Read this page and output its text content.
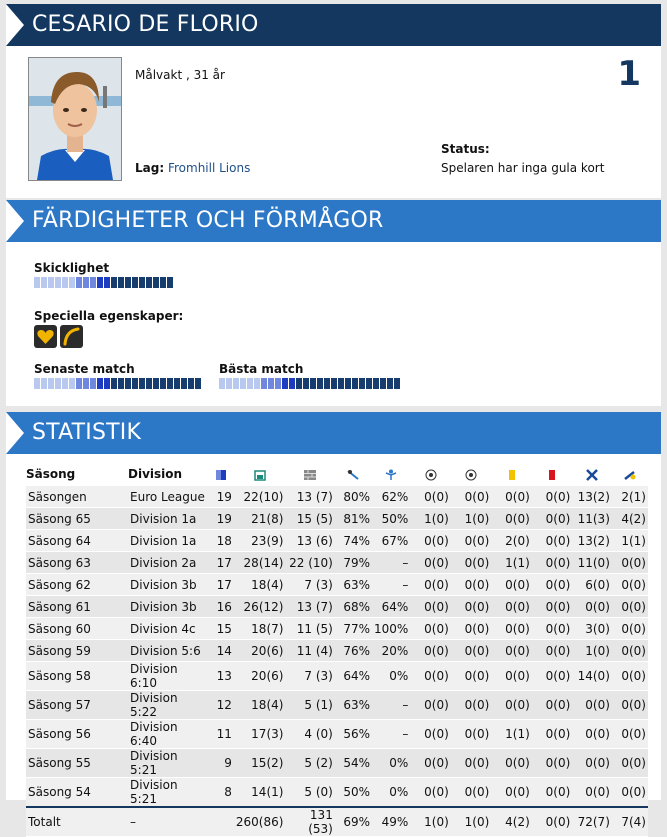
CESARIO DE FLORIO
Målvakt , 31 år	1
Lag: Fromhill Lions
Status:
Spelaren har inga gula kort
FÄRDIGHETER OCH FÖRMÅGOR
Skicklighet
Speciella egenskaper:
Senaste match	Bästa match
STATISTIK
Säsong	Division											
Säsongen	Euro League	19	22(10)	13 (7)	80%	62%	0(0)	0(0)	0(0)	0(0)	13(2)	2(1)
Säsong 65	Division 1a	19	21(8)	15 (5)	81%	50%	1(0)	1(0)	0(0)	0(0)	11(3)	4(2)
Säsong 64	Division 1a	18	23(9)	13 (6)	74%	67%	0(0)	0(0)	2(0)	0(0)	13(2)	1(1)
Säsong 63	Division 2a	17	28(14)	22 (10)	79%	–	0(0)	0(0)	1(1)	0(0)	11(0)	0(0)
Säsong 62	Division 3b	17	18(4)	7 (3)	63%	–	0(0)	0(0)	0(0)	0(0)	6(0)	0(0)
Säsong 61	Division 3b	16	26(12)	13 (7)	68%	64%	0(0)	0(0)	0(0)	0(0)	0(0)	0(0)
Säsong 60	Division 4c	15	18(7)	11 (5)	77%	100%	0(0)	0(0)	0(0)	0(0)	3(0)	0(0)
Säsong 59	Division 5:6	14	20(6)	11 (4)	76%	20%	0(0)	0(0)	0(0)	0(0)	1(0)	0(0)
Säsong 58	Division 6:10	13	20(6)	7 (3)	64%	0%	0(0)	0(0)	0(0)	0(0)	14(0)	0(0)
Säsong 57	Division 5:22	12	18(4)	5 (1)	63%	–	0(0)	0(0)	0(0)	0(0)	0(0)	0(0)
Säsong 56	Division 6:40	11	17(3)	4 (0)	56%	–	0(0)	0(0)	1(1)	0(0)	0(0)	0(0)
Säsong 55	Division 5:21	9	15(2)	5 (2)	54%	0%	0(0)	0(0)	0(0)	0(0)	0(0)	0(0)
Säsong 54	Division 5:21	8	14(1)	5 (0)	50%	0%	0(0)	0(0)	0(0)	0(0)	0(0)	0(0)
Totalt	–		260(86)	131 (53)	69%	49%	1(0)	1(0)	4(2)	0(0)	72(7)	7(4)
